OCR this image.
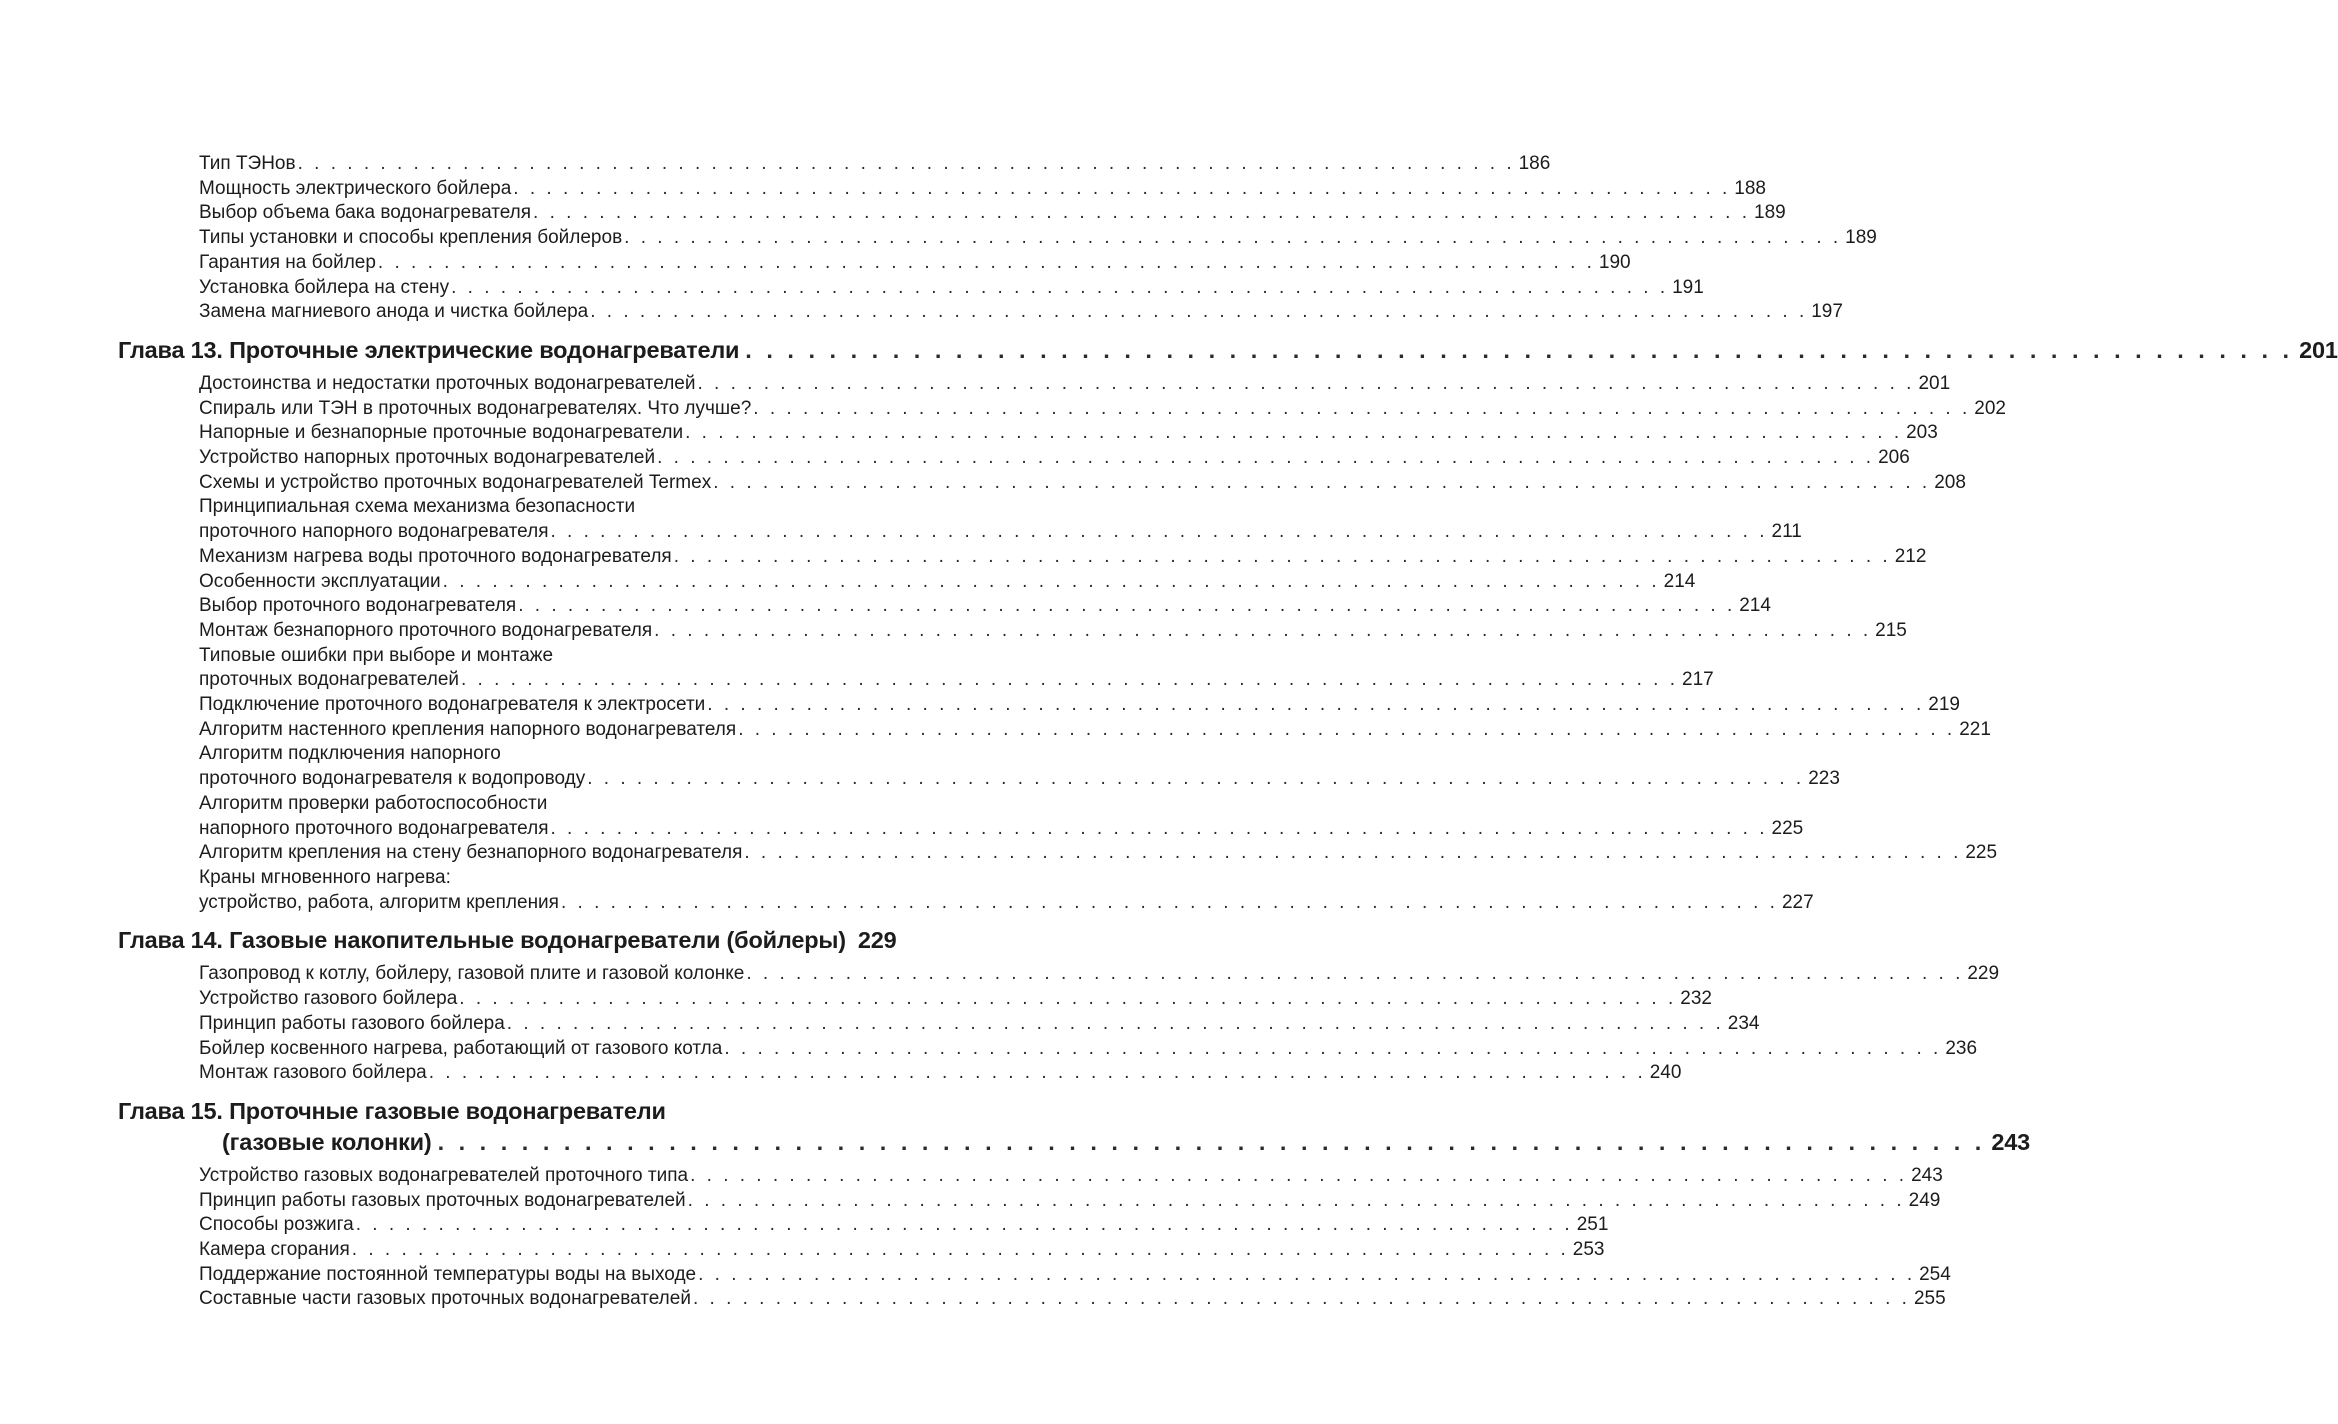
Тип ТЭНов . . . . . . . . . . . . . . . . . . . . . . . . . . . . . . . . . . . . . . . . . . . . . . . . . . . . . . . . . . . . . . . . . . . . . . . . . . 186
Мощность электрического бойлера . . . . . . . . . . . . . . . . . . . . . . . . . . . . . . . . . . . . . . . . . . . . . . . . . . . . . . . . . . . . . . . . . . . . . . . . . . 188
Выбор объема бака водонагревателя . . . . . . . . . . . . . . . . . . . . . . . . . . . . . . . . . . . . . . . . . . . . . . . . . . . . . . . . . . . . . . . . . . . . . . . . . . 189
Типы установки и способы крепления бойлеров . . . . . . . . . . . . . . . . . . . . . . . . . . . . . . . . . . . . . . . . . . . . . . . . . . . . . . . . . . . . . . . . . . . . . . . . . . 189
Гарантия на бойлер . . . . . . . . . . . . . . . . . . . . . . . . . . . . . . . . . . . . . . . . . . . . . . . . . . . . . . . . . . . . . . . . . . . . . . . . . . 190
Установка бойлера на стену . . . . . . . . . . . . . . . . . . . . . . . . . . . . . . . . . . . . . . . . . . . . . . . . . . . . . . . . . . . . . . . . . . . . . . . . . . 191
Замена магниевого анода и чистка бойлера . . . . . . . . . . . . . . . . . . . . . . . . . . . . . . . . . . . . . . . . . . . . . . . . . . . . . . . . . . . . . . . . . . . . . . . . . . 197
Глава 13. Проточные электрические водонагреватели . . . . . . . . . . . . . . . . . . . . . . . . . . . . . . . . . . . . . . . . . . . . . . . . . . . . . . . . . . . . . . . . . . . . . . . . . . 201
Достоинства и недостатки проточных водонагревателей . . . . . . . . . . . . . . . . . . . . . . . . . . . . . . . . . . . . . . . . . . . . . . . . . . . . . . . . . . . . . . . . . . . . . . . . . . 201
Спираль или ТЭН в проточных водонагревателях. Что лучше? . . . . . . . . . . . . . . . . . . . . . . . . . . . . . . . . . . . . . . . . . . . . . . . . . . . . . . . . . . . . . . . . . . . . . . . . . . 202
Напорные и безнапорные проточные водонагреватели . . . . . . . . . . . . . . . . . . . . . . . . . . . . . . . . . . . . . . . . . . . . . . . . . . . . . . . . . . . . . . . . . . . . . . . . . . 203
Устройство напорных проточных водонагревателей . . . . . . . . . . . . . . . . . . . . . . . . . . . . . . . . . . . . . . . . . . . . . . . . . . . . . . . . . . . . . . . . . . . . . . . . . . 206
Схемы и устройство проточных водонагревателей Termex . . . . . . . . . . . . . . . . . . . . . . . . . . . . . . . . . . . . . . . . . . . . . . . . . . . . . . . . . . . . . . . . . . . . . . . . . . 208
Принципиальная схема механизма безопасности
проточного напорного водонагревателя . . . . . . . . . . . . . . . . . . . . . . . . . . . . . . . . . . . . . . . . . . . . . . . . . . . . . . . . . . . . . . . . . . . . . . . . . . 211
Механизм нагрева воды проточного водонагревателя . . . . . . . . . . . . . . . . . . . . . . . . . . . . . . . . . . . . . . . . . . . . . . . . . . . . . . . . . . . . . . . . . . . . . . . . . . 212
Особенности эксплуатации . . . . . . . . . . . . . . . . . . . . . . . . . . . . . . . . . . . . . . . . . . . . . . . . . . . . . . . . . . . . . . . . . . . . . . . . . . 214
Выбор проточного водонагревателя . . . . . . . . . . . . . . . . . . . . . . . . . . . . . . . . . . . . . . . . . . . . . . . . . . . . . . . . . . . . . . . . . . . . . . . . . . 214
Монтаж безнапорного проточного водонагревателя . . . . . . . . . . . . . . . . . . . . . . . . . . . . . . . . . . . . . . . . . . . . . . . . . . . . . . . . . . . . . . . . . . . . . . . . . . 215
Типовые ошибки при выборе и монтаже
проточных водонагревателей . . . . . . . . . . . . . . . . . . . . . . . . . . . . . . . . . . . . . . . . . . . . . . . . . . . . . . . . . . . . . . . . . . . . . . . . . . 217
Подключение проточного водонагревателя к электросети . . . . . . . . . . . . . . . . . . . . . . . . . . . . . . . . . . . . . . . . . . . . . . . . . . . . . . . . . . . . . . . . . . . . . . . . . . 219
Алгоритм настенного крепления напорного водонагревателя . . . . . . . . . . . . . . . . . . . . . . . . . . . . . . . . . . . . . . . . . . . . . . . . . . . . . . . . . . . . . . . . . . . . . . . . . . 221
Алгоритм подключения напорного
проточного водонагревателя к водопроводу . . . . . . . . . . . . . . . . . . . . . . . . . . . . . . . . . . . . . . . . . . . . . . . . . . . . . . . . . . . . . . . . . . . . . . . . . . 223
Алгоритм проверки работоспособности
напорного проточного водонагревателя . . . . . . . . . . . . . . . . . . . . . . . . . . . . . . . . . . . . . . . . . . . . . . . . . . . . . . . . . . . . . . . . . . . . . . . . . . 225
Алгоритм крепления на стену безнапорного водонагревателя . . . . . . . . . . . . . . . . . . . . . . . . . . . . . . . . . . . . . . . . . . . . . . . . . . . . . . . . . . . . . . . . . . . . . . . . . . 225
Краны мгновенного нагрева:
устройство, работа, алгоритм крепления . . . . . . . . . . . . . . . . . . . . . . . . . . . . . . . . . . . . . . . . . . . . . . . . . . . . . . . . . . . . . . . . . . . . . . . . . . 227
Глава 14. Газовые накопительные водонагреватели (бойлеры) 229
Газопровод к котлу, бойлеру, газовой плите и газовой колонке . . . . . . . . . . . . . . . . . . . . . . . . . . . . . . . . . . . . . . . . . . . . . . . . . . . . . . . . . . . . . . . . . . . . . . . . . . 229
Устройство газового бойлера . . . . . . . . . . . . . . . . . . . . . . . . . . . . . . . . . . . . . . . . . . . . . . . . . . . . . . . . . . . . . . . . . . . . . . . . . . 232
Принцип работы газового бойлера . . . . . . . . . . . . . . . . . . . . . . . . . . . . . . . . . . . . . . . . . . . . . . . . . . . . . . . . . . . . . . . . . . . . . . . . . . 234
Бойлер косвенного нагрева, работающий от газового котла . . . . . . . . . . . . . . . . . . . . . . . . . . . . . . . . . . . . . . . . . . . . . . . . . . . . . . . . . . . . . . . . . . . . . . . . . . 236
Монтаж газового бойлера . . . . . . . . . . . . . . . . . . . . . . . . . . . . . . . . . . . . . . . . . . . . . . . . . . . . . . . . . . . . . . . . . . . . . . . . . . 240
Глава 15. Проточные газовые водонагреватели
(газовые колонки) . . . . . . . . . . . . . . . . . . . . . . . . . . . . . . . . . . . . . . . . . . . . . . . . . . . . . . . . . . . . . . . . . . . . . . . . . . 243
Устройство газовых водонагревателей проточного типа . . . . . . . . . . . . . . . . . . . . . . . . . . . . . . . . . . . . . . . . . . . . . . . . . . . . . . . . . . . . . . . . . . . . . . . . . . 243
Принцип работы газовых проточных водонагревателей . . . . . . . . . . . . . . . . . . . . . . . . . . . . . . . . . . . . . . . . . . . . . . . . . . . . . . . . . . . . . . . . . . . . . . . . . . 249
Способы розжига . . . . . . . . . . . . . . . . . . . . . . . . . . . . . . . . . . . . . . . . . . . . . . . . . . . . . . . . . . . . . . . . . . . . . . . . . . 251
Камера сгорания . . . . . . . . . . . . . . . . . . . . . . . . . . . . . . . . . . . . . . . . . . . . . . . . . . . . . . . . . . . . . . . . . . . . . . . . . . 253
Поддержание постоянной температуры воды на выходе . . . . . . . . . . . . . . . . . . . . . . . . . . . . . . . . . . . . . . . . . . . . . . . . . . . . . . . . . . . . . . . . . . . . . . . . . . 254
Составные части газовых проточных водонагревателей . . . . . . . . . . . . . . . . . . . . . . . . . . . . . . . . . . . . . . . . . . . . . . . . . . . . . . . . . . . . . . . . . . . . . . . . . . 255
